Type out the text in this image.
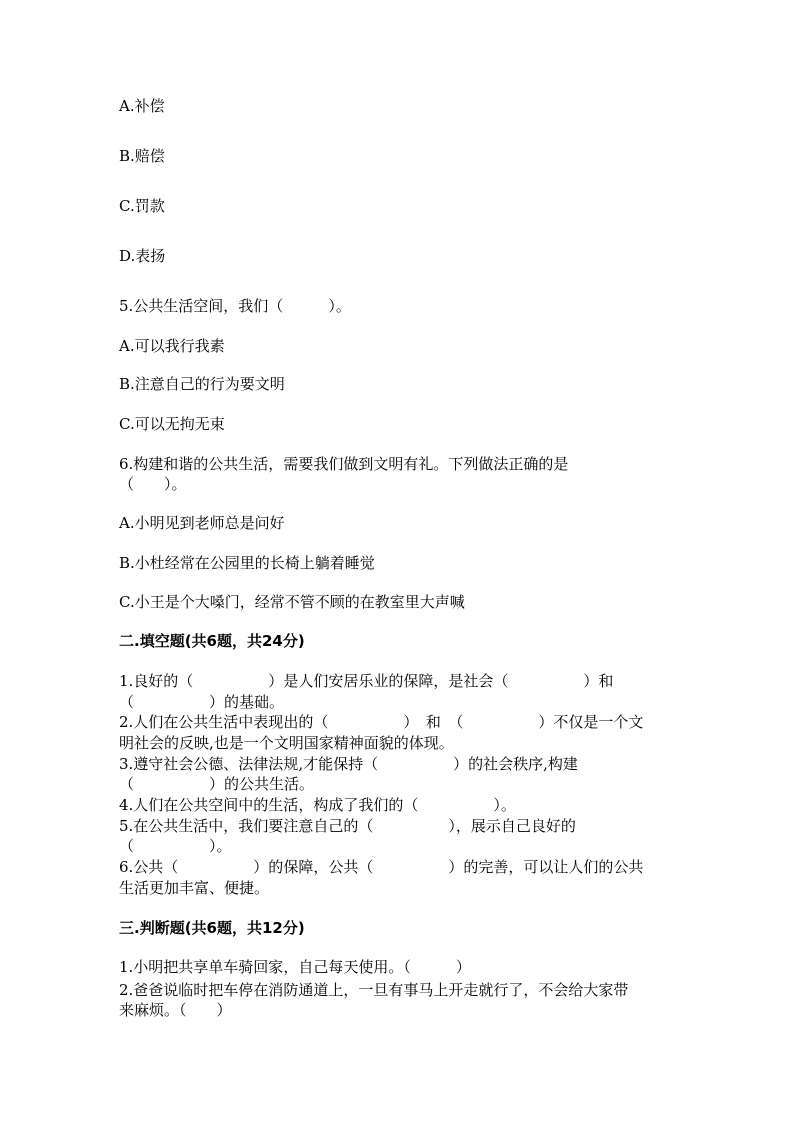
A.补偿
B.赔偿
C.罚款
D.表扬
5.公共生活空间，我们（　　　）。
A.可以我行我素
B.注意自己的行为要文明
C.可以无拘无束
6.构建和谐的公共生活，需要我们做到文明有礼。下列做法正确的是
（　　）。
A.小明见到老师总是问好
B.小杜经常在公园里的长椅上躺着睡觉
C.小王是个大嗓门，经常不管不顾的在教室里大声喊
二.填空题(共6题，共24分)
1.良好的（　　　　　）是人们安居乐业的保障，是社会（　　　　　）和
（　　　　　）的基础。
2.人们在公共生活中表现出的（　　　　　）　和　（　　　　　）不仅是一个文
明社会的反映,也是一个文明国家精神面貌的体现。
3.遵守社会公德、法律法规,才能保持（　　　　　）的社会秩序,构建
（　　　　　）的公共生活。
4.人们在公共空间中的生活，构成了我们的（　　　　　）。
5.在公共生活中，我们要注意自己的（　　　　　），展示自己良好的
（　　　　　）。
6.公共（　　　　　）的保障，公共（　　　　　）的完善，可以让人们的公共
生活更加丰富、便捷。
三.判断题(共6题，共12分)
1.小明把共享单车骑回家，自己每天使用。（　　　）
2.爸爸说临时把车停在消防通道上，一旦有事马上开走就行了，不会给大家带
来麻烦。（　　）
